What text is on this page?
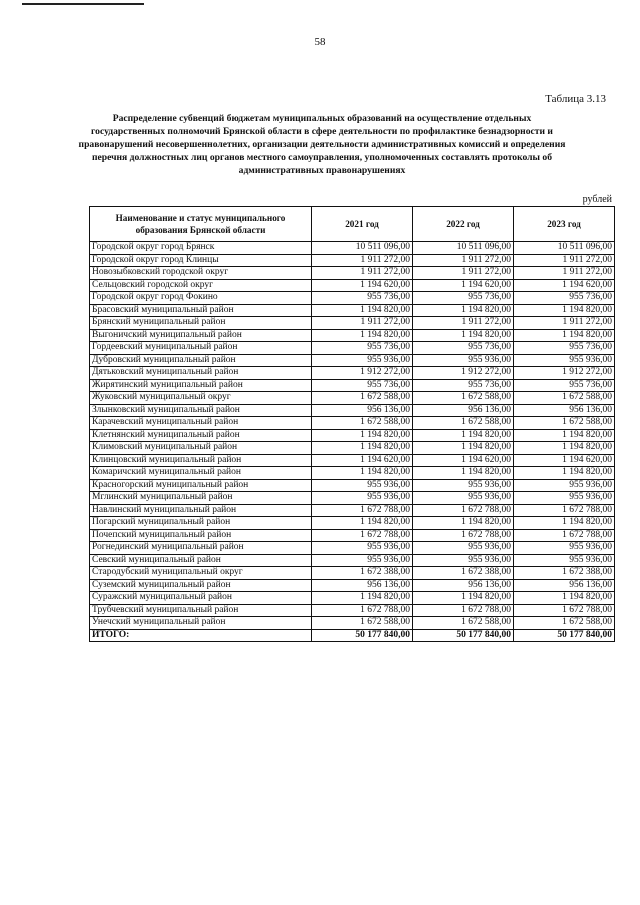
58
Таблица 3.13
Распределение субвенций бюджетам муниципальных образований на осуществление отдельных государственных полномочий Брянской области в сфере деятельности по профилактике безнадзорности и правонарушений несовершеннолетних, организации деятельности административных комиссий и определения перечня должностных лиц органов местного самоуправления, уполномоченных составлять протоколы об административных правонарушениях
рублей
Наименование и статус муниципального образования Брянской области	2021 год	2022 год	2023 год
Городской округ город Брянск	10 511 096,00	10 511 096,00	10 511 096,00
Городской округ город Клинцы	1 911 272,00	1 911 272,00	1 911 272,00
Новозыбковский городской округ	1 911 272,00	1 911 272,00	1 911 272,00
Сельцовский городской округ	1 194 620,00	1 194 620,00	1 194 620,00
Городской округ город Фокино	955 736,00	955 736,00	955 736,00
Брасовский муниципальный район	1 194 820,00	1 194 820,00	1 194 820,00
Брянский муниципальный район	1 911 272,00	1 911 272,00	1 911 272,00
Выгоничский муниципальный район	1 194 820,00	1 194 820,00	1 194 820,00
Гордеевский муниципальный район	955 736,00	955 736,00	955 736,00
Дубровский муниципальный район	955 936,00	955 936,00	955 936,00
Дятьковский муниципальный район	1 912 272,00	1 912 272,00	1 912 272,00
Жирятинский муниципальный район	955 736,00	955 736,00	955 736,00
Жуковский муниципальный округ	1 672 588,00	1 672 588,00	1 672 588,00
Злынковский муниципальный район	956 136,00	956 136,00	956 136,00
Карачевский муниципальный район	1 672 588,00	1 672 588,00	1 672 588,00
Клетнянский муниципальный район	1 194 820,00	1 194 820,00	1 194 820,00
Климовский муниципальный район	1 194 820,00	1 194 820,00	1 194 820,00
Клинцовский муниципальный район	1 194 620,00	1 194 620,00	1 194 620,00
Комаричский муниципальный район	1 194 820,00	1 194 820,00	1 194 820,00
Красногорский муниципальный район	955 936,00	955 936,00	955 936,00
Мглинский муниципальный район	955 936,00	955 936,00	955 936,00
Навлинский муниципальный район	1 672 788,00	1 672 788,00	1 672 788,00
Погарский муниципальный район	1 194 820,00	1 194 820,00	1 194 820,00
Почепский муниципальный район	1 672 788,00	1 672 788,00	1 672 788,00
Рогнединский муниципальный район	955 936,00	955 936,00	955 936,00
Севский муниципальный район	955 936,00	955 936,00	955 936,00
Стародубский муниципальный округ	1 672 388,00	1 672 388,00	1 672 388,00
Суземский муниципальный район	956 136,00	956 136,00	956 136,00
Суражский муниципальный район	1 194 820,00	1 194 820,00	1 194 820,00
Трубчевский муниципальный район	1 672 788,00	1 672 788,00	1 672 788,00
Унечский муниципальный район	1 672 588,00	1 672 588,00	1 672 588,00
ИТОГО:	50 177 840,00	50 177 840,00	50 177 840,00
